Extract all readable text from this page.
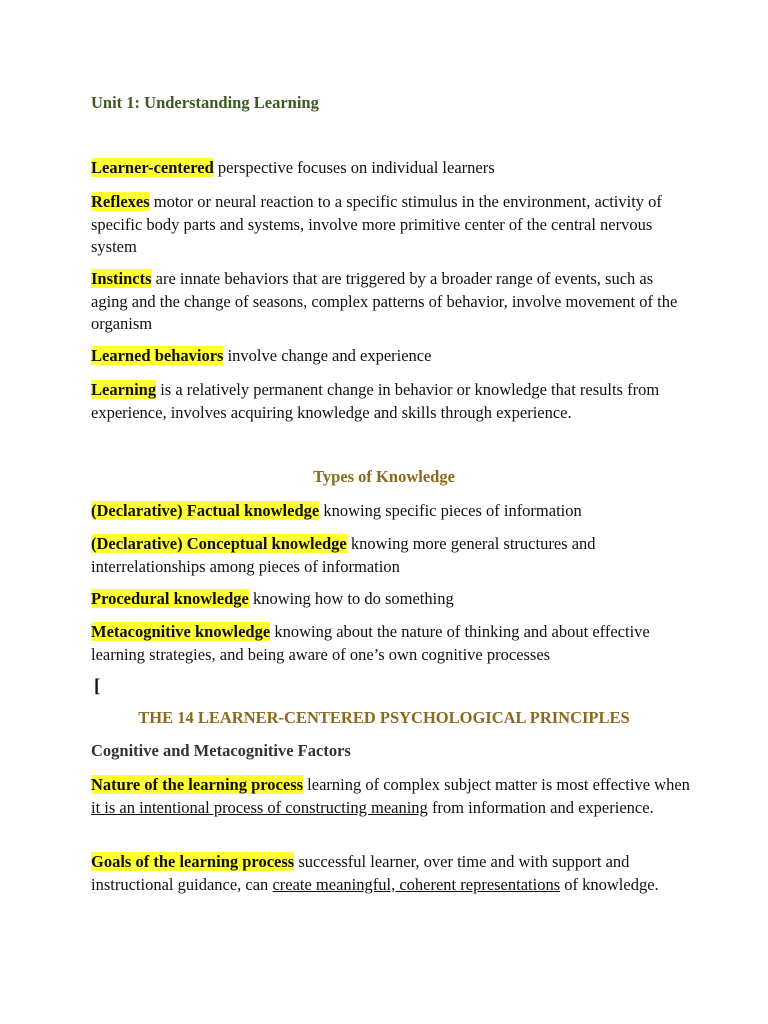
Unit 1: Understanding Learning

Learner-centered perspective focuses on individual learners

Reflexes motor or neural reaction to a specific stimulus in the environment, activity of specific body parts and systems, involve more primitive center of the central nervous system

Instincts are innate behaviors that are triggered by a broader range of events, such as aging and the change of seasons, complex patterns of behavior, involve movement of the organism

Learned behaviors involve change and experience

Learning is a relatively permanent change in behavior or knowledge that results from experience, involves acquiring knowledge and skills through experience.

Types of Knowledge

(Declarative) Factual knowledge knowing specific pieces of information

(Declarative) Conceptual knowledge knowing more general structures and interrelationships among pieces of information

Procedural knowledge knowing how to do something

Metacognitive knowledge knowing about the nature of thinking and about effective learning strategies, and being aware of one’s own cognitive processes

[
THE 14 LEARNER-CENTERED PSYCHOLOGICAL PRINCIPLES
Cognitive and Metacognitive Factors

Nature of the learning process learning of complex subject matter is most effective when it is an intentional process of constructing meaning from information and experience.

Goals of the learning process successful learner, over time and with support and instructional guidance, can create meaningful, coherent representations of knowledge.
